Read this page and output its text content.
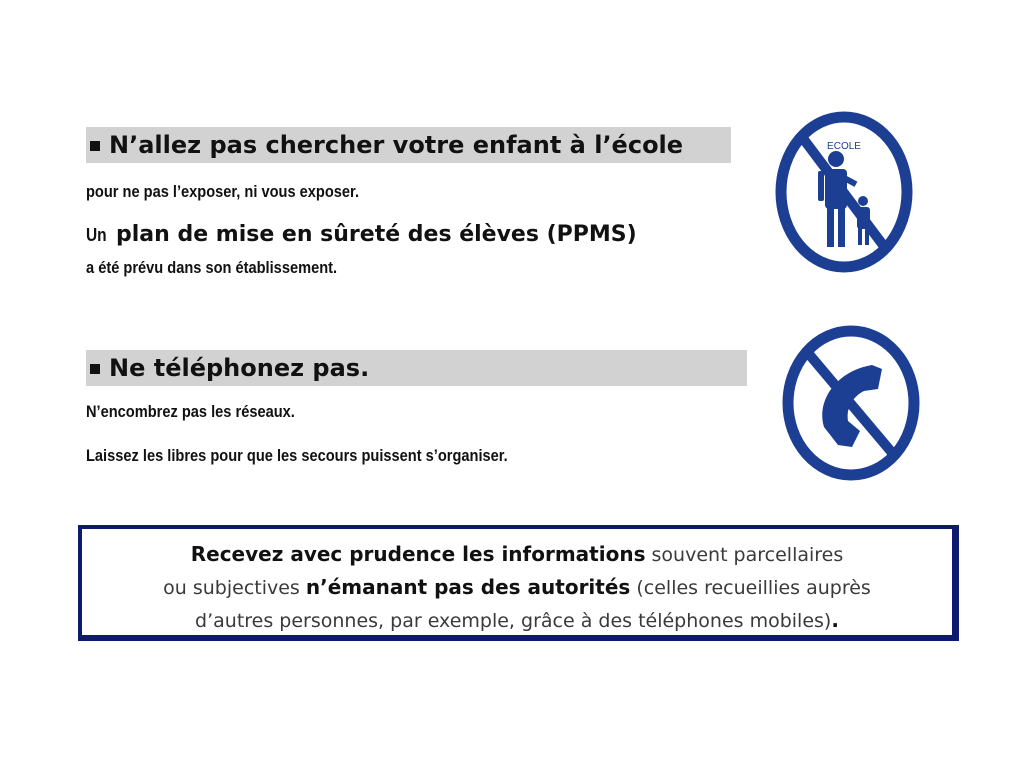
N’allez pas chercher votre enfant à l’école
pour ne pas l’exposer, ni vous exposer.
Un plan de mise en sûreté des élèves (PPMS)
a été prévu dans son établissement.
ECOLE
Ne téléphonez pas.
N’encombrez pas les réseaux.
Laissez les libres pour que les secours puissent s’organiser.
Recevez avec prudence les informations souvent parcellaires
ou subjectives n’émanant pas des autorités (celles recueillies auprès
d’autres personnes, par exemple, grâce à des téléphones mobiles).
